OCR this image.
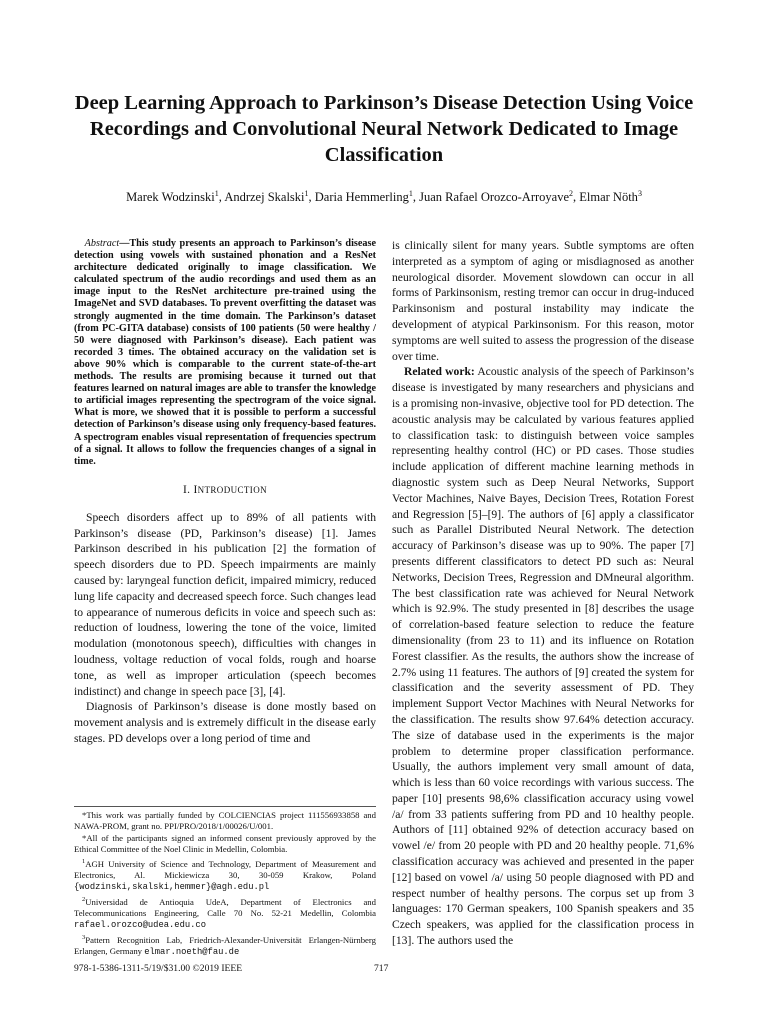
Deep Learning Approach to Parkinson’s Disease Detection Using Voice Recordings and Convolutional Neural Network Dedicated to Image Classification
Marek Wodzinski$^1$, Andrzej Skalski$^1$, Daria Hemmerling$^1$, Juan Rafael Orozco-Arroyave$^2$, Elmar Nöth$^3$

Abstract—This study presents an approach to Parkinson’s disease detection using vowels with sustained phonation and a ResNet architecture dedicated originally to image classification. We calculated spectrum of the audio recordings and used them as an image input to the ResNet architecture pre-trained using the ImageNet and SVD databases. To prevent overfitting the dataset was strongly augmented in the time domain. The Parkinson’s dataset (from PC-GITA database) consists of 100 patients (50 were healthy / 50 were diagnosed with Parkinson’s disease). Each patient was recorded 3 times. The obtained accuracy on the validation set is above 90% which is comparable to the current state-of-the-art methods. The results are promising because it turned out that features learned on natural images are able to transfer the knowledge to artificial images representing the spectrogram of the voice signal. What is more, we showed that it is possible to perform a successful detection of Parkinson’s disease using only frequency-based features. A spectrogram enables visual representation of frequencies spectrum of a signal. It allows to follow the frequencies changes of a signal in time.

I. INTRODUCTION

Speech disorders affect up to 89% of all patients with Parkinson’s disease (PD, Parkinson’s disease) [1]. James Parkinson described in his publication [2] the formation of speech disorders due to PD. Speech impairments are mainly caused by: laryngeal function deficit, impaired mimicry, reduced lung life capacity and decreased speech force. Such changes lead to appearance of numerous deficits in voice and speech such as: reduction of loudness, lowering the tone of the voice, limited modulation (monotonous speech), difficulties with changes in loudness, voltage reduction of vocal folds, rough and hoarse tone, as well as improper articulation (speech becomes indistinct) and change in speech pace [3], [4].

Diagnosis of Parkinson’s disease is done mostly based on movement analysis and is extremely difficult in the disease early stages. PD develops over a long period of time and

is clinically silent for many years. Subtle symptoms are often interpreted as a symptom of aging or misdiagnosed as another neurological disorder. Movement slowdown can occur in all forms of Parkinsonism, resting tremor can occur in drug-induced Parkinsonism and postural instability may indicate the development of atypical Parkinsonism. For this reason, motor symptoms are well suited to assess the progression of the disease over time.

Related work: Acoustic analysis of the speech of Parkinson’s disease is investigated by many researchers and physicians and is a promising non-invasive, objective tool for PD detection. The acoustic analysis may be calculated by various features applied to classification task: to distinguish between voice samples representing healthy control (HC) or PD cases. Those studies include application of different machine learning methods in diagnostic system such as Deep Neural Networks, Support Vector Machines, Naive Bayes, Decision Trees, Rotation Forest and Regression [5]–[9]. The authors of [6] apply a classificator such as Parallel Distributed Neural Network. The detection accuracy of Parkinson’s disease was up to 90%. The paper [7] presents different classificators to detect PD such as: Neural Networks, Decision Trees, Regression and DMneural algorithm. The best classification rate was achieved for Neural Network which is 92.9%. The study presented in [8] describes the usage of correlation-based feature selection to reduce the feature dimensionality (from 23 to 11) and its influence on Rotation Forest classifier. As the results, the authors show the increase of 2.7% using 11 features. The authors of [9] created the system for classification and the severity assessment of PD. They implement Support Vector Machines with Neural Networks for the classification. The results show 97.64% detection accuracy. The size of database used in the experiments is the major problem to determine proper classification performance. Usually, the authors implement very small amount of data, which is less than 60 voice recordings with various success. The paper [10] presents 98,6% classification accuracy using vowel /a/ from 33 patients suffering from PD and 10 healthy people. Authors of [11] obtained 92% of detection accuracy based on vowel /e/ from 20 people with PD and 20 healthy people. 71,6% classification accuracy was achieved and presented in the paper [12] based on vowel /a/ using 50 people diagnosed with PD and respect number of healthy persons. The corpus set up from 3 languages: 170 German speakers, 100 Spanish speakers and 35 Czech speakers, was applied for the classification process in [13]. The authors used the

*This work was partially funded by COLCIENCIAS project 111556933858 and NAWA-PROM, grant no. PPI/PRO/2018/1/00026/U/001.

*All of the participants signed an informed consent previously approved by the Ethical Committee of the Noel Clinic in Medellin, Colombia.

$^1$AGH University of Science and Technology, Department of Measurement and Electronics, Al. Mickiewicza 30, 30-059 Krakow, Poland {wodzinski,skalski,hemmer}@agh.edu.pl

$^2$Universidad de Antioquia UdeA, Department of Electronics and Telecommunications Engineering, Calle 70 No. 52-21 Medellin, Colombia rafael.orozco@udea.edu.co

$^3$Pattern Recognition Lab, Friedrich-Alexander-Universität Erlangen-Nürnberg Erlangen, Germany elmar.noeth@fau.de

978-1-5386-1311-5/19/$31.00 ©2019 IEEE	717
